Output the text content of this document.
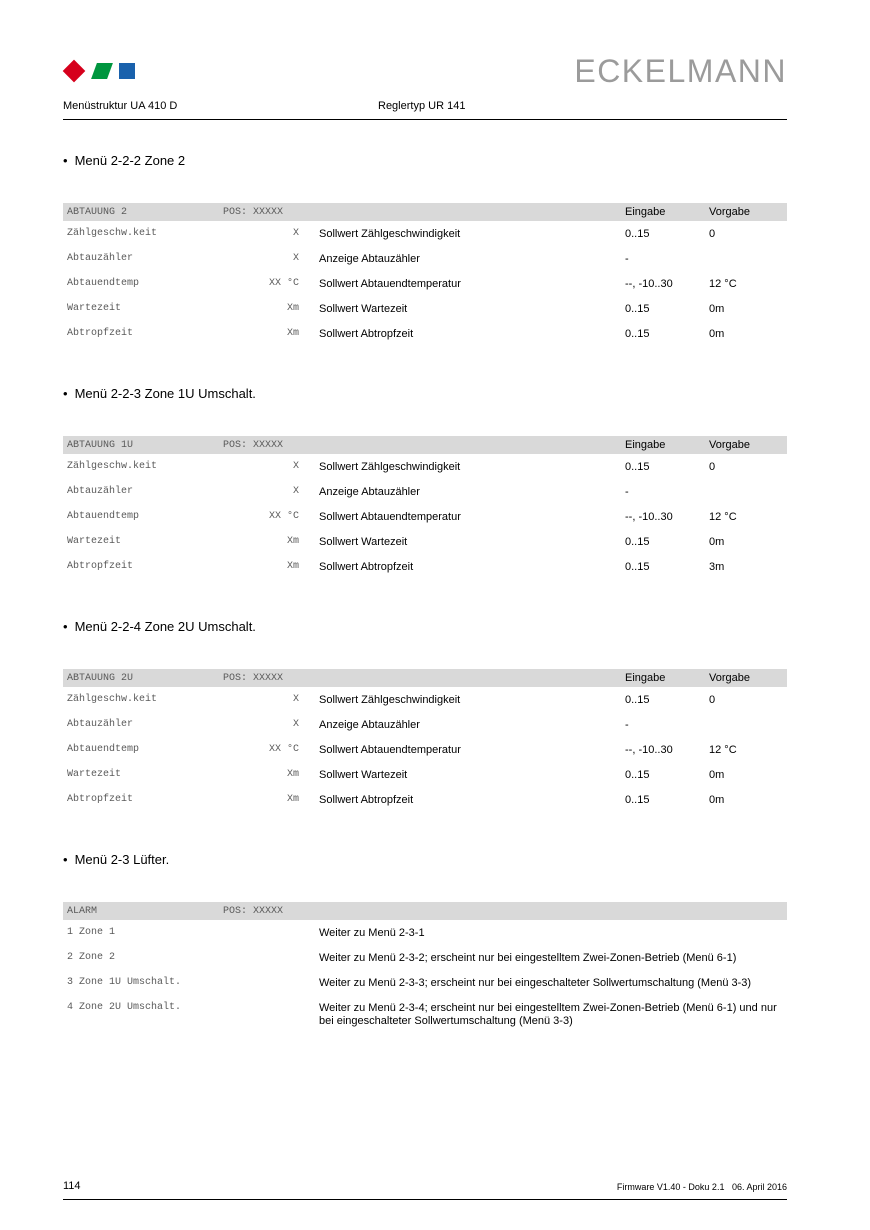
ECKELMANN
Menüstruktur UA 410 D	Reglertyp UR 141
• Menü 2-2-2 Zone 2
ABTAUUNG 2	POS: XXXXX	Eingabe	Vorgabe
Zählgeschw.keit	X Sollwert Zählgeschwindigkeit	0..15	0
Abtauzähler	X Anzeige Abtauzähler	-
Abtauendtemp	XX °C Sollwert Abtauendtemperatur	--, -10..30	12 °C
Wartezeit	Xm Sollwert Wartezeit	0..15	0m
Abtropfzeit	Xm Sollwert Abtropfzeit	0..15	0m
• Menü 2-2-3 Zone 1U Umschalt.
ABTAUUNG 1U	POS: XXXXX	Eingabe	Vorgabe
Zählgeschw.keit	X Sollwert Zählgeschwindigkeit	0..15	0
Abtauzähler	X Anzeige Abtauzähler	-
Abtauendtemp	XX °C Sollwert Abtauendtemperatur	--, -10..30	12 °C
Wartezeit	Xm Sollwert Wartezeit	0..15	0m
Abtropfzeit	Xm Sollwert Abtropfzeit	0..15	3m
• Menü 2-2-4 Zone 2U Umschalt.
ABTAUUNG 2U	POS: XXXXX	Eingabe	Vorgabe
Zählgeschw.keit	X Sollwert Zählgeschwindigkeit	0..15	0
Abtauzähler	X Anzeige Abtauzähler	-
Abtauendtemp	XX °C Sollwert Abtauendtemperatur	--, -10..30	12 °C
Wartezeit	Xm Sollwert Wartezeit	0..15	0m
Abtropfzeit	Xm Sollwert Abtropfzeit	0..15	0m
• Menü 2-3 Lüfter.
ALARM	POS: XXXXX
1 Zone 1	Weiter zu Menü 2-3-1
2 Zone 2	Weiter zu Menü 2-3-2; erscheint nur bei eingestelltem Zwei-Zonen-Betrieb (Menü 6-1)
3 Zone 1U Umschalt.	Weiter zu Menü 2-3-3; erscheint nur bei eingeschalteter Sollwertumschaltung (Menü 3-3)
4 Zone 2U Umschalt.	Weiter zu Menü 2-3-4; erscheint nur bei eingestelltem Zwei-Zonen-Betrieb (Menü 6-1) und nur bei eingeschalteter Sollwertumschaltung (Menü 3-3)
114	Firmware V1.40 - Doku 2.1   06. April 2016
